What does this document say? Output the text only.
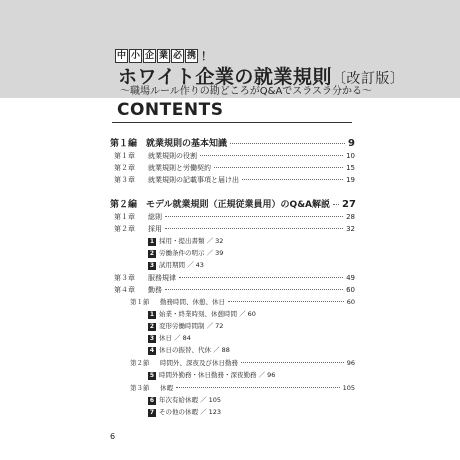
中 小 企 業 必 携 ！
ホワイト企業の就業規則〔改訂版〕
〜職場ルール作りの勘どころがQ&Aでスラスラ分かる〜
CONTENTS
第１編 就業規則の基本知識	9
第１章	就業規則の役割	10
第２章	就業規則と労働契約	15
第３章	就業規則の記載事項と届け出	19
第２編 モデル就業規則（正規従業員用）のQ&A解説 27
第１章	総則	28
第２章	採用	32
1 採用・提出書類 ／ 32
2 労働条件の明示 ／ 39
3 試用期間 ／ 43
第３章	服務規律	49
第４章	勤務	60
第１節	勤務時間、休憩、休日	60
1 始業・終業時刻、休憩時間 ／ 60
2 変形労働時間制 ／ 72
3 休日 ／ 84
4 休日の振替、代休 ／ 88
第２節	時間外、深夜及び休日勤務	96
5 時間外勤務・休日勤務・深夜勤務 ／ 96
第３節	休暇	105
6 年次有給休暇 ／ 105
7 その他の休暇 ／ 123
6
